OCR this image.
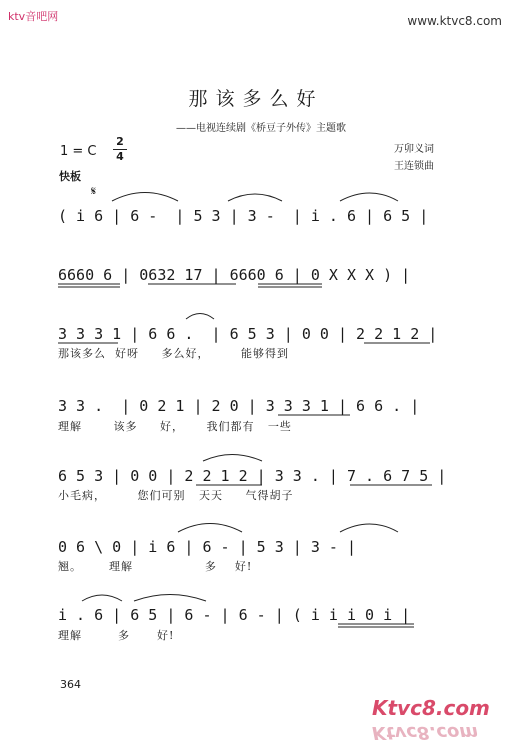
ktv音吧网	www.ktvc8.com
那该多么好
——电视连续剧《桥豆子外传》主题歌
1 = C
2
4
万卯义词
王连锁曲
快板
𝄋
( i 6 | 6 -  | 5 3 | 3 -  | i . 6 | 6 5 |
6660 6 | 0632 17 | 6660 6 | 0 X X X ) |
3 3 3 1 | 6 6 .  | 6 5 3 | 0 0 | 2 2 1 2 |
那该多么  好呀     多么好，       能够得到
3 3 .  | 0 2 1 | 2 0 | 3 3 3 1 | 6 6 . |
理解       该多     好，     我们都有   一些
6 5 3 | 0 0 | 2 2 1 2 | 3 3 . | 7 . 6 7 5 |
小毛病，       您们可别   天天     气得胡子
0 6 \ 0 | i 6 | 6 - | 5 3 | 3 - |
翘。      理解                多    好!
i . 6 | 6 5 | 6 - | 6 - | ( i i i 0 i |
理解        多      好!
364
Ktvc8.com
Ktvc8.com
